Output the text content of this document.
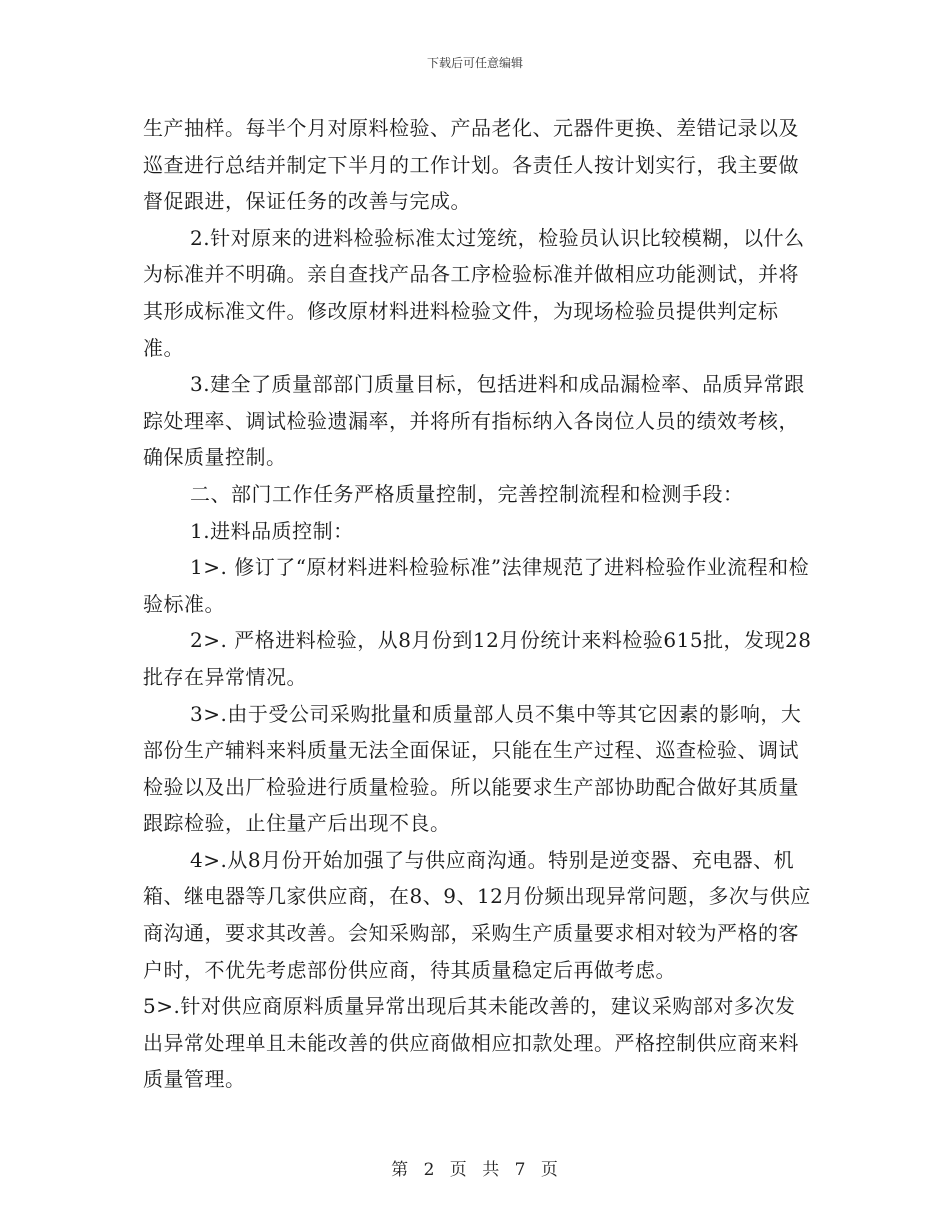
下载后可任意编辑

生产抽样。每半个月对原料检验、产品老化、元器件更换、差错记录以及巡查进行总结并制定下半月的工作计划。各责任人按计划实行，我主要做督促跟进，保证任务的改善与完成。

2.针对原来的进料检验标准太过笼统，检验员认识比较模糊，以什么为标准并不明确。亲自查找产品各工序检验标准并做相应功能测试，并将其形成标准文件。修改原材料进料检验文件，为现场检验员提供判定标准。

3.建全了质量部部门质量目标，包括进料和成品漏检率、品质异常跟踪处理率、调试检验遗漏率，并将所有指标纳入各岗位人员的绩效考核，确保质量控制。

二、部门工作任务严格质量控制，完善控制流程和检测手段：

1.进料品质控制：

1>. 修订了“原材料进料检验标准”法律规范了进料检验作业流程和检验标准。

2>. 严格进料检验，从8月份到12月份统计来料检验615批，发现28批存在异常情况。

3>.由于受公司采购批量和质量部人员不集中等其它因素的影响，大部份生产辅料来料质量无法全面保证，只能在生产过程、巡查检验、调试检验以及出厂检验进行质量检验。所以能要求生产部协助配合做好其质量跟踪检验，止住量产后出现不良。

4>.从8月份开始加强了与供应商沟通。特别是逆变器、充电器、机箱、继电器等几家供应商，在8、9、12月份频出现异常问题，多次与供应商沟通，要求其改善。会知采购部，采购生产质量要求相对较为严格的客户时，不优先考虑部份供应商，待其质量稳定后再做考虑。

5>.针对供应商原料质量异常出现后其未能改善的，建议采购部对多次发出异常处理单且未能改善的供应商做相应扣款处理。严格控制供应商来料质量管理。

第 2 页 共 7 页
